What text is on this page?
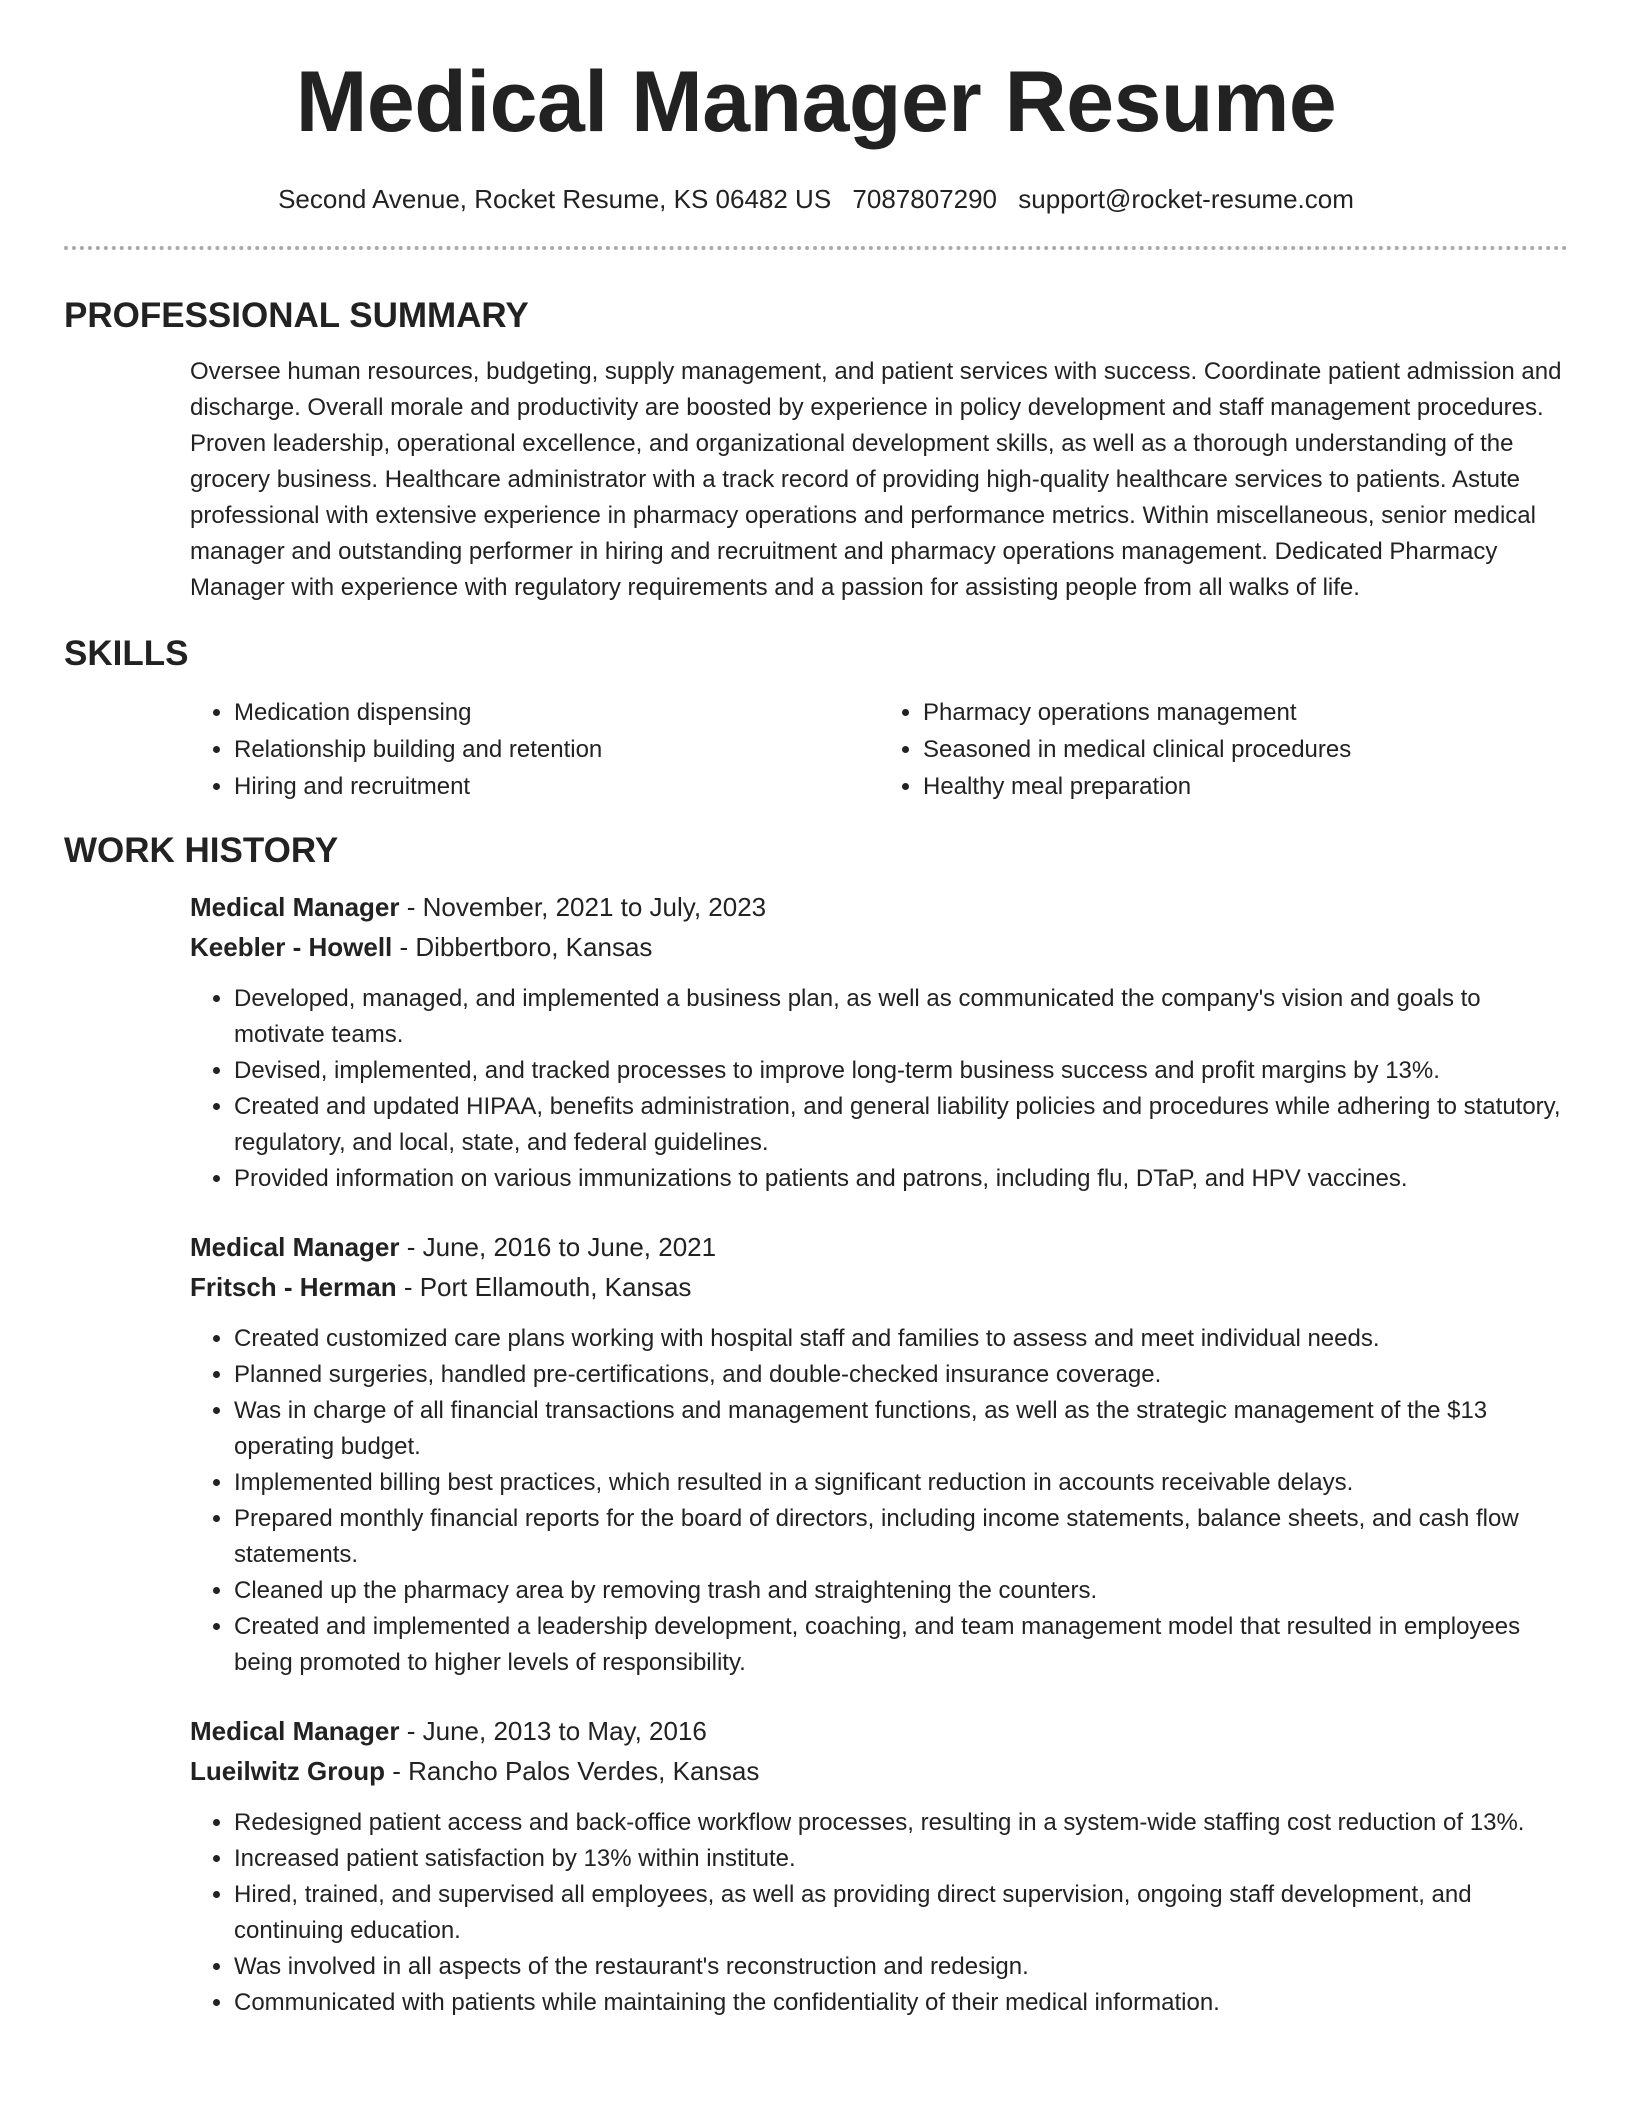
Medical Manager Resume
Second Avenue, Rocket Resume, KS 06482 US 7087807290 support@rocket-resume.com
PROFESSIONAL SUMMARY
Oversee human resources, budgeting, supply management, and patient services with success. Coordinate patient admission and discharge. Overall morale and productivity are boosted by experience in policy development and staff management procedures. Proven leadership, operational excellence, and organizational development skills, as well as a thorough understanding of the grocery business. Healthcare administrator with a track record of providing high-quality healthcare services to patients. Astute professional with extensive experience in pharmacy operations and performance metrics. Within miscellaneous, senior medical manager and outstanding performer in hiring and recruitment and pharmacy operations management. Dedicated Pharmacy Manager with experience with regulatory requirements and a passion for assisting people from all walks of life.
SKILLS
• Medication dispensing
• Relationship building and retention
• Hiring and recruitment
• Pharmacy operations management
• Seasoned in medical clinical procedures
• Healthy meal preparation
WORK HISTORY
Medical Manager - November, 2021 to July, 2023
Keebler - Howell - Dibbertboro, Kansas
• Developed, managed, and implemented a business plan, as well as communicated the company's vision and goals to motivate teams.
• Devised, implemented, and tracked processes to improve long-term business success and profit margins by 13%.
• Created and updated HIPAA, benefits administration, and general liability policies and procedures while adhering to statutory, regulatory, and local, state, and federal guidelines.
• Provided information on various immunizations to patients and patrons, including flu, DTaP, and HPV vaccines.
Medical Manager - June, 2016 to June, 2021
Fritsch - Herman - Port Ellamouth, Kansas
• Created customized care plans working with hospital staff and families to assess and meet individual needs.
• Planned surgeries, handled pre-certifications, and double-checked insurance coverage.
• Was in charge of all financial transactions and management functions, as well as the strategic management of the $13 operating budget.
• Implemented billing best practices, which resulted in a significant reduction in accounts receivable delays.
• Prepared monthly financial reports for the board of directors, including income statements, balance sheets, and cash flow statements.
• Cleaned up the pharmacy area by removing trash and straightening the counters.
• Created and implemented a leadership development, coaching, and team management model that resulted in employees being promoted to higher levels of responsibility.
Medical Manager - June, 2013 to May, 2016
Lueilwitz Group - Rancho Palos Verdes, Kansas
• Redesigned patient access and back-office workflow processes, resulting in a system-wide staffing cost reduction of 13%.
• Increased patient satisfaction by 13% within institute.
• Hired, trained, and supervised all employees, as well as providing direct supervision, ongoing staff development, and continuing education.
• Was involved in all aspects of the restaurant's reconstruction and redesign.
• Communicated with patients while maintaining the confidentiality of their medical information.
